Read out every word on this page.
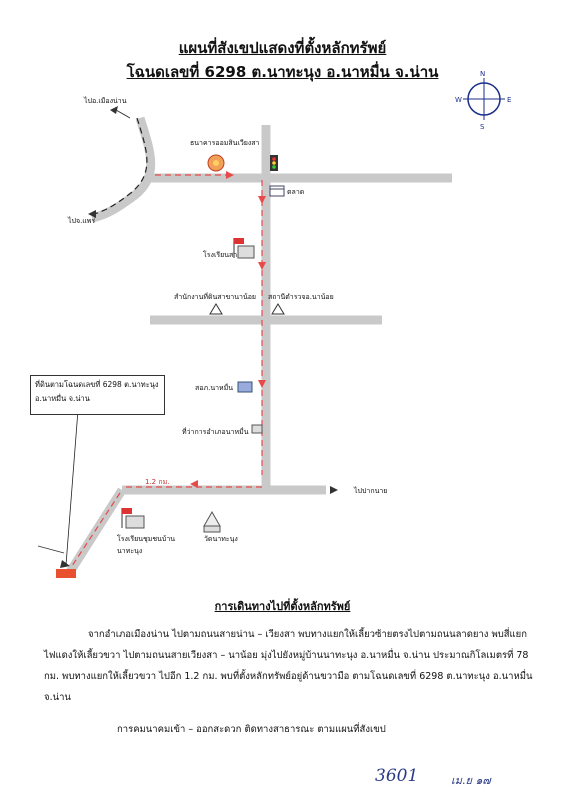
แผนที่สังเขปแสดงที่ตั้งหลักทรัพย์
โฉนดเลขที่ 6298 ต.นาทะนุง อ.นาหมื่น จ.น่าน	N
S
E
W
ไปอ.เมืองน่าน
ไปจ.แพร่
ธนาคารออมสินเวียงสา
ตลาด
โรงเรียนสา
สำนักงานที่ดินสาขานาน้อย สถานีตำรวจอ.นาน้อย
สอภ.นาหมื่น
ที่ว่าการอำเภอนาหมื่น
ไปปากนาย
1.2 กม.
วัดนาทะนุง
โรงเรียนชุมชนบ้าน
นาทะนุง
ที่ดินตามโฉนดเลขที่ 6298 ต.นาทะนุง
อ.นาหมื่น จ.น่าน
การเดินทางไปที่ตั้งหลักทรัพย์

จากอำเภอเมืองน่าน ไปตามถนนสายน่าน – เวียงสา พบทางแยกให้เลี้ยวซ้ายตรงไปตามถนนลาดยาง พบสี่แยกไฟแดงให้เลี้ยวขวา ไปตามถนนสายเวียงสา – นาน้อย มุ่งไปยังหมู่บ้านนาทะนุง อ.นาหมื่น จ.น่าน ประมาณกิโลเมตรที่ 78 กม. พบทางแยกให้เลี้ยวขวา ไปอีก 1.2 กม. พบที่ตั้งหลักทรัพย์อยู่ด้านขวามือ ตามโฉนดเลขที่ 6298 ต.นาทะนุง อ.นาหมื่น จ.น่าน

การคมนาคมเข้า – ออกสะดวก ติดทางสาธารณะ ตามแผนที่สังเขป
3601	เม.ย ๑๗
